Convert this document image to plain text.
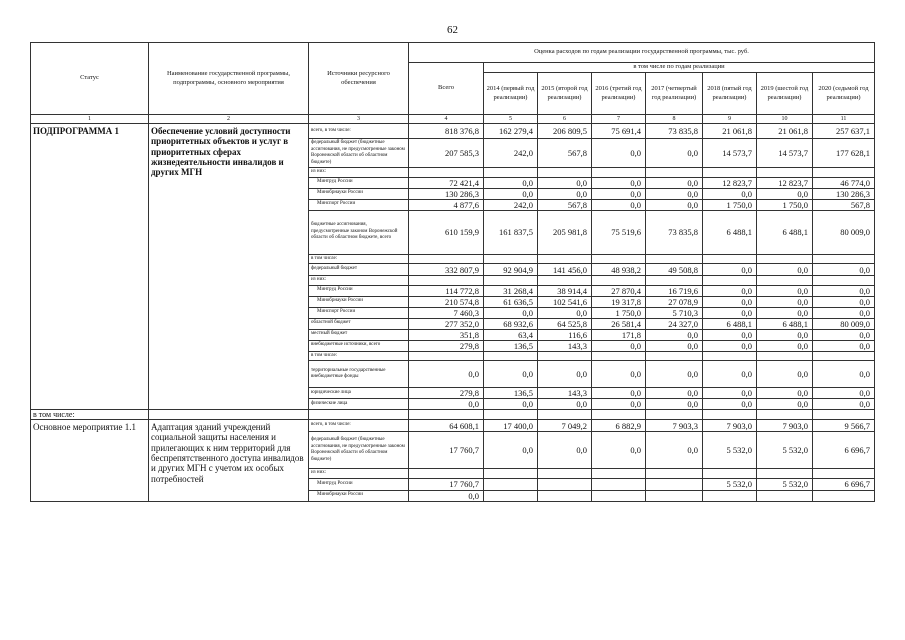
62
Статус	Наименование государственной программы, подпрограммы, основного мероприятия	Источники ресурсного обеспечения	Оценка расходов по годам реализации государственной программы, тыс. руб.							
			Всего	в том числе по годам реализации						
				2014 (первый год реализации)	2015 (второй год реализации)	2016 (третий год реализации)	2017 (четвертый год реализации)	2018 (пятый год реализации)	2019 (шестой год реализации)	2020 (седьмой год реализации)
1	2	3	4	5	6	7	8	9	10	11
ПОДПРОГРАММА 1	Обеспечение условий доступности приоритетных объектов и услуг в приоритетных сферах жизнедеятельности инвалидов и других МГН	всего, в том числе:	818 376,8	162 279,4	206 809,5	75 691,4	73 835,8	21 061,8	21 061,8	257 637,1
		федеральный бюджет (бюджетные ассигнования, не предусмотренные законом Воронежской области об областном бюджете)	207 585,3	242,0	567,8	0,0	0,0	14 573,7	14 573,7	177 628,1
		из них:								
		Минтруд России	72 421,4	0,0	0,0	0,0	0,0	12 823,7	12 823,7	46 774,0
		Минобрнауки России	130 286,3	0,0	0,0	0,0	0,0	0,0	0,0	130 286,3
		Минспорт России	4 877,6	242,0	567,8	0,0	0,0	1 750,0	1 750,0	567,8
		бюджетные ассигнования, предусмотренные законом Воронежской области об областном бюджете, всего	610 159,9	161 837,5	205 981,8	75 519,6	73 835,8	6 488,1	6 488,1	80 009,0
		в том числе:								
		федеральный бюджет	332 807,9	92 904,9	141 456,0	48 938,2	49 508,8	0,0	0,0	0,0
		из них:								
		Минтруд России	114 772,8	31 268,4	38 914,4	27 870,4	16 719,6	0,0	0,0	0,0
		Минобрнауки России	210 574,8	61 636,5	102 541,6	19 317,8	27 078,9	0,0	0,0	0,0
		Минспорт России	7 460,3	0,0	0,0	1 750,0	5 710,3	0,0	0,0	0,0
		областной бюджет	277 352,0	68 932,6	64 525,8	26 581,4	24 327,0	6 488,1	6 488,1	80 009,0
		местный бюджет	351,8	63,4	116,6	171,8	0,0	0,0	0,0	0,0
		внебюджетные источники, всего	279,8	136,5	143,3	0,0	0,0	0,0	0,0	0,0
		в том числе:								
		территориальные государственные внебюджетные фонды	0,0	0,0	0,0	0,0	0,0	0,0	0,0	0,0
		юридические лица	279,8	136,5	143,3	0,0	0,0	0,0	0,0	0,0
		физические лица	0,0	0,0	0,0	0,0	0,0	0,0	0,0	0,0
в том числе:										
Основное мероприятие 1.1	Адаптация зданий учреждений социальной защиты населения и прилегающих к ним территорий для беспрепятственного доступа инвалидов и других МГН с учетом их особых потребностей	всего, в том числе:	64 608,1	17 400,0	7 049,2	6 882,9	7 903,3	7 903,0	7 903,0	9 566,7
		федеральный бюджет (бюджетные ассигнования, не предусмотренные законом Воронежской области об областном бюджете)	17 760,7	0,0	0,0	0,0	0,0	5 532,0	5 532,0	6 696,7
		из них:								
		Минтруд России	17 760,7					5 532,0	5 532,0	6 696,7
		Минобрнауки России	0,0							
